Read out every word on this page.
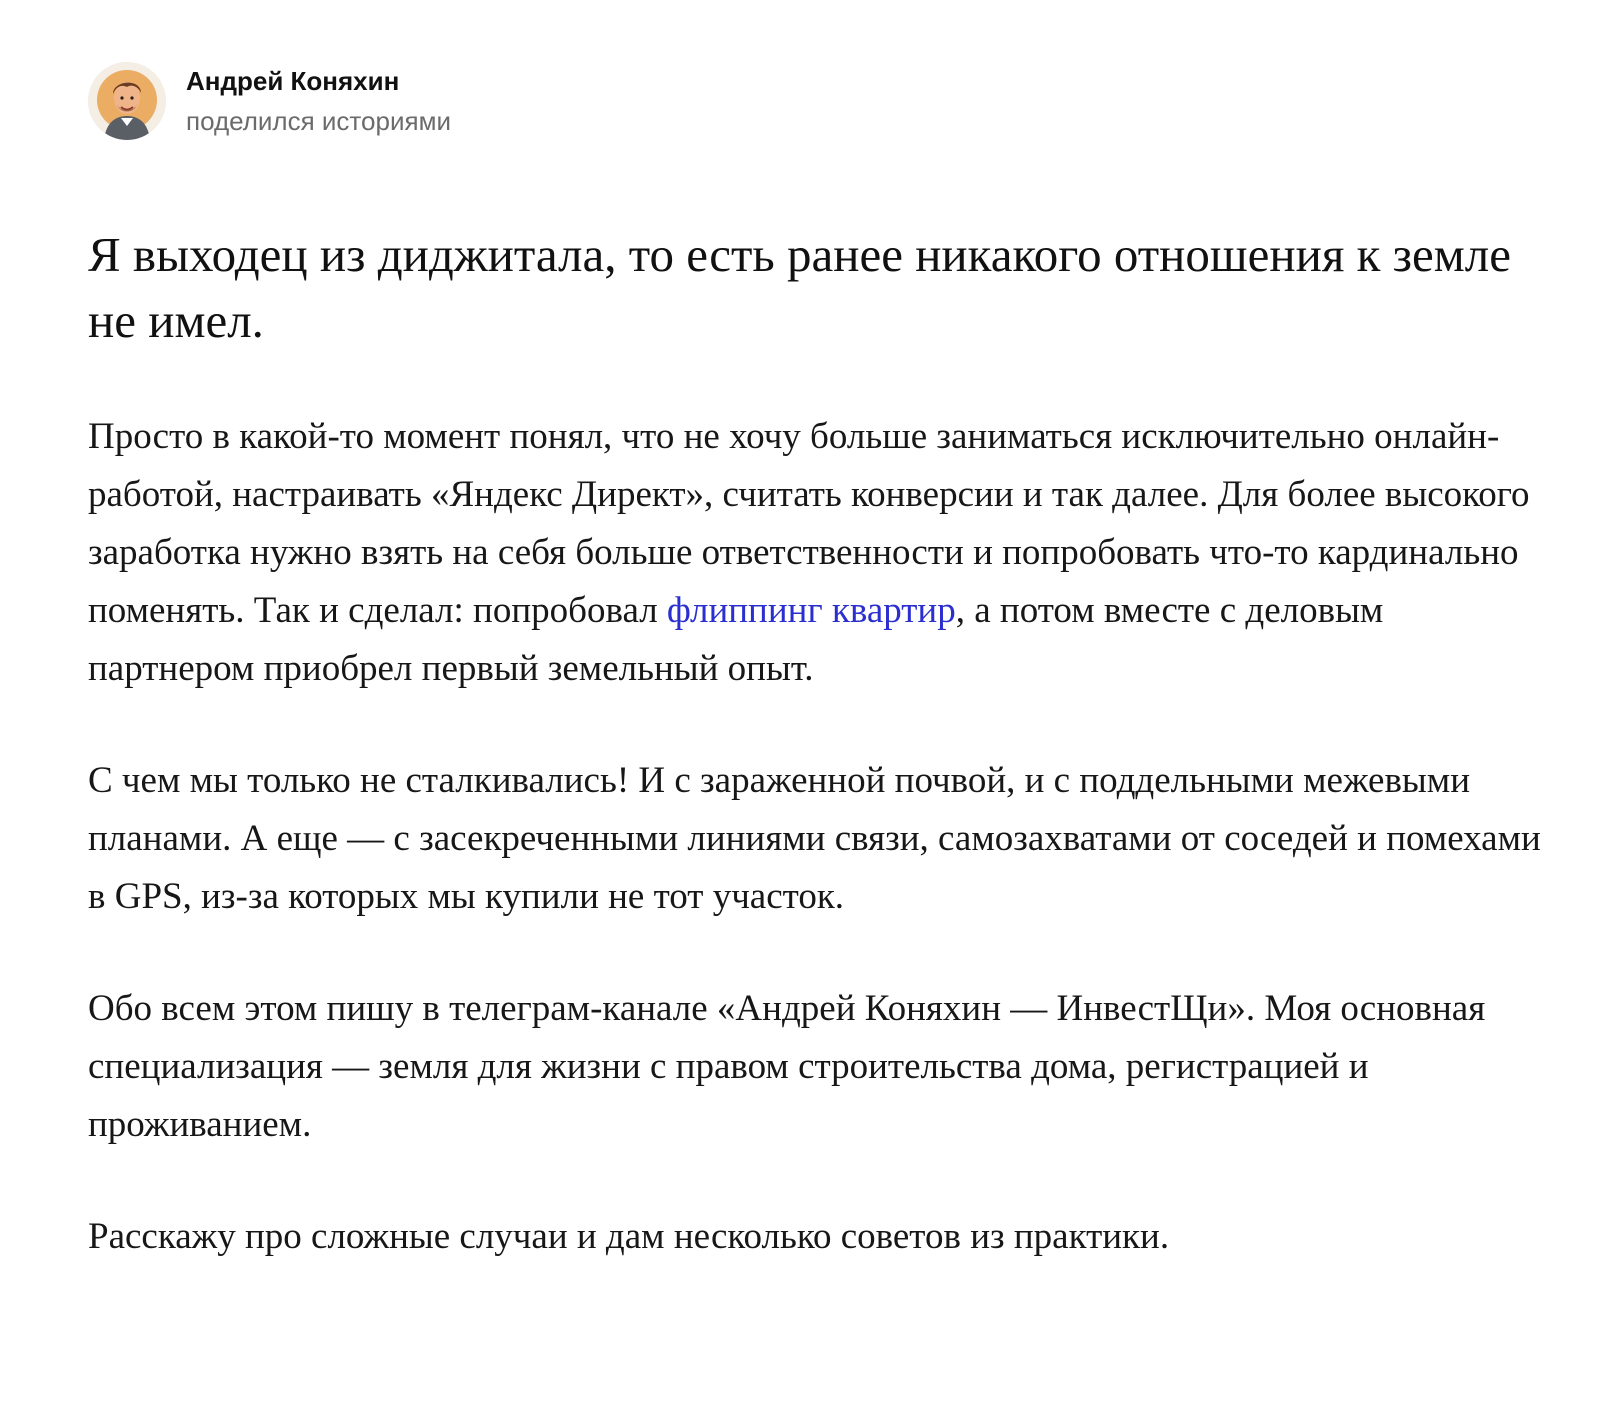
Андрей Коняхин
поделился историями

Я выходец из диджитала, то есть ранее никакого отношения к земле не имел.

Просто в какой-то момент понял, что не хочу больше заниматься исключительно онлайн-работой, настраивать «Яндекс Директ», считать конверсии и так далее. Для более высокого заработка нужно взять на себя больше ответственности и попробовать что-то кардинально поменять. Так и сделал: попробовал флиппинг квартир, а потом вместе с деловым партнером приобрел первый земельный опыт.

С чем мы только не сталкивались! И с зараженной почвой, и с поддельными межевыми планами. А еще — с засекреченными линиями связи, самозахватами от соседей и помехами в GPS, из-за которых мы купили не тот участок.

Обо всем этом пишу в телеграм-канале «Андрей Коняхин — ИнвестЩи». Моя основная специализация — земля для жизни с правом строительства дома, регистрацией и проживанием.

Расскажу про сложные случаи и дам несколько советов из практики.
